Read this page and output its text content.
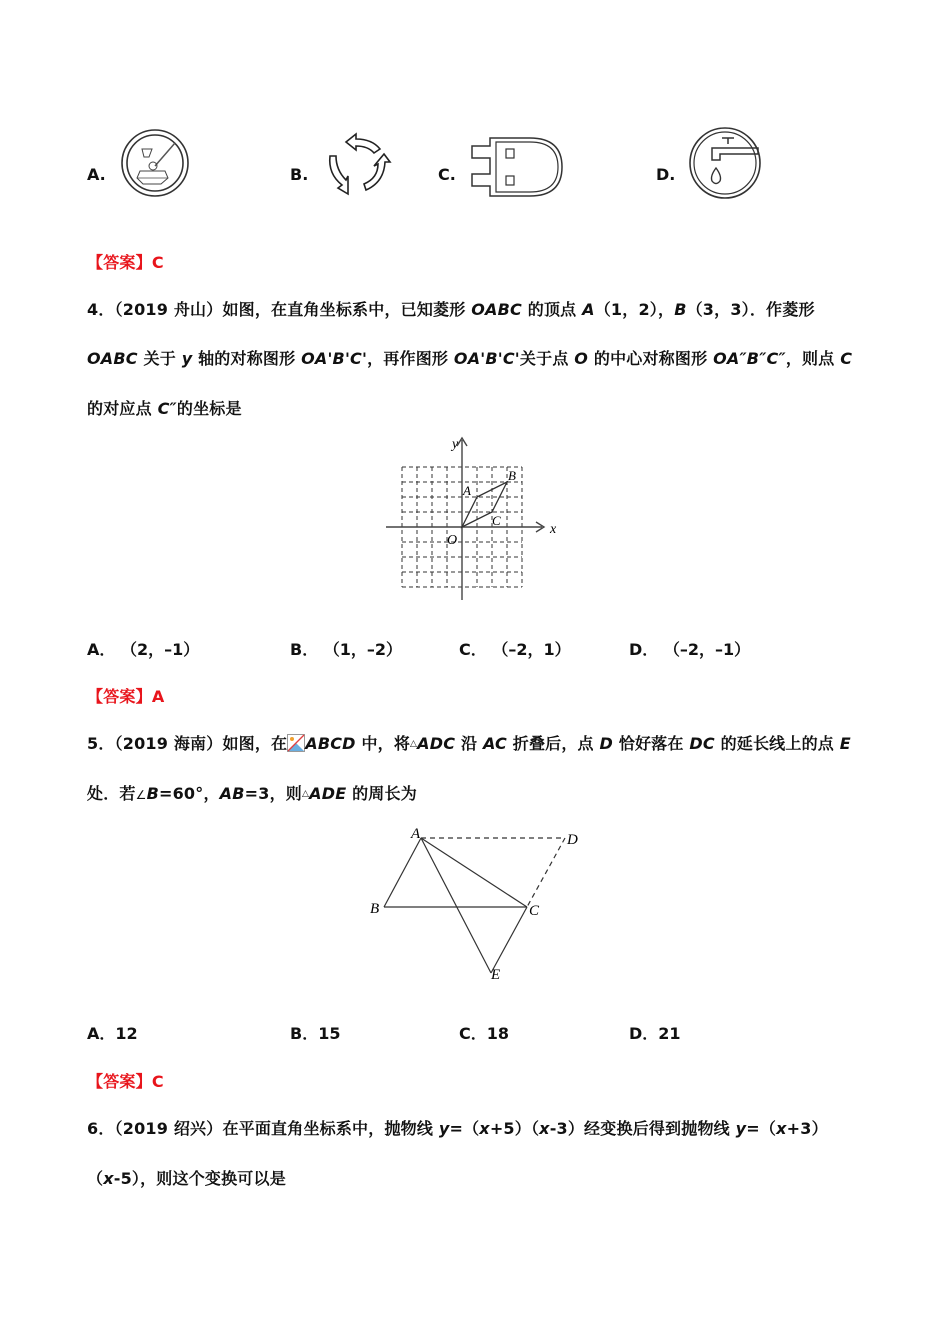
A.	B.	C.	D.
【答案】C
4．（2019 舟山）如图，在直角坐标系中，已知菱形 OABC 的顶点 A（1，2），B（3，3）．作菱形
OABC 关于 y 轴的对称图形 OA'B'C'，再作图形 OA'B'C'关于点 O 的中心对称图形 OA″B″C″，则点 C
的对应点 C″的坐标是
x
y
O
A
B
C
A． （2，–1）	B． （1，–2）	C． （–2，1）	D． （–2，–1）
【答案】A
5．（2019 海南）如图，在 ABCD 中，将△ADC 沿 AC 折叠后，点 D 恰好落在 DC 的延长线上的点 E
处．若∠B=60°，AB=3，则△ADE 的周长为
A
B	C
D
E
A．12	B．15	C．18	D．21
【答案】C
6．（2019 绍兴）在平面直角坐标系中，抛物线 y=（x+5）（x-3）经变换后得到抛物线 y=（x+3）
（x-5），则这个变换可以是
